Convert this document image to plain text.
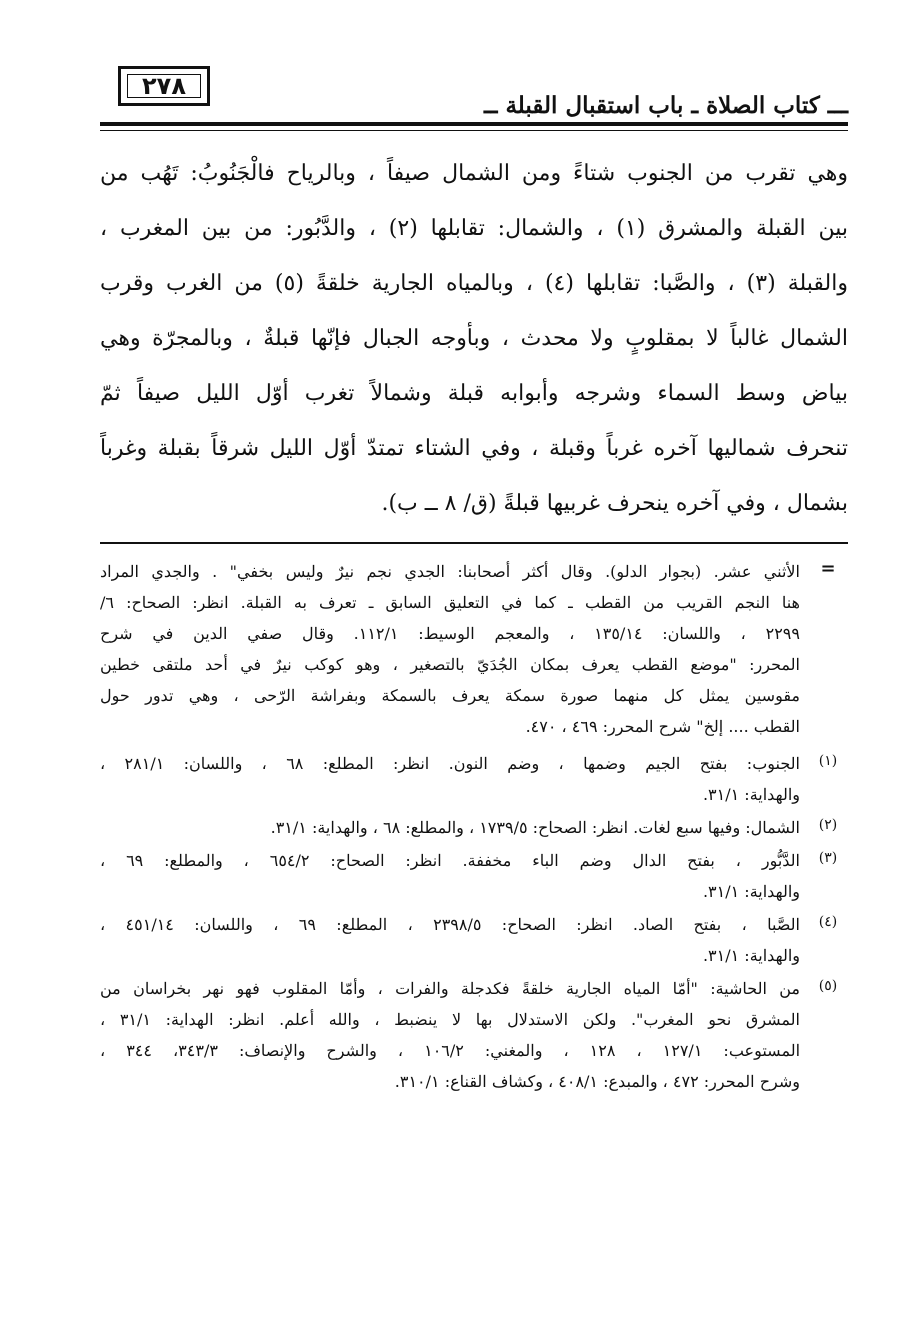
٢٧٨
ـــ كتاب الصلاة ـ باب استقبال القبلة ــ
وهي تقرب من الجنوب شتاءً ومن الشمال صيفاً ، وبالرياح فالْجَنُوبُ: تَهُب من
بين القبلة والمشرق (١) ، والشمال: تقابلها (٢) ، والدَّبُور: من بين المغرب ،
والقبلة (٣) ، والصَّبا: تقابلها (٤) ، وبالمياه الجارية خلقةً (٥) من الغرب وقرب
الشمال غالباً لا بمقلوبٍ ولا محدث ، وبأوجه الجبال فإنّها قبلةٌ ، وبالمجرّة وهي
بياض وسط السماء وشرجه وأبوابه قبلة وشمالاً تغرب أوّل الليل صيفاً ثمّ
تنحرف شماليها آخره غرباً وقبلة ، وفي الشتاء تمتدّ أوّل الليل شرقاً بقبلة وغرباً
بشمال ، وفي آخره ينحرف غربيها قبلةً (ق/ ٨ ــ ب).
=
الأثني عشر. (بجوار الدلو). وقال أكثر أصحابنا: الجدي نجم نيرٌ وليس بخفي" . والجدي المراد
هنا النجم القريب من القطب ـ كما في التعليق السابق ـ تعرف به القبلة. انظر: الصحاح: ٦/
٢٢٩٩ ، واللسان: ١٣٥/١٤ ، والمعجم الوسيط: ١١٢/١. وقال صفي الدين في شرح
المحرر: "موضع القطب يعرف بمكان الجُدَيّ بالتصغير ، وهو كوكب نيرٌ في أحد ملتقى خطين
مقوسين يمثل كل منهما صورة سمكة يعرف بالسمكة وبفراشة الرّحى ، وهي تدور حول
القطب .... إلخ" شرح المحرر: ٤٦٩ ، ٤٧٠.
(١)
الجنوب: بفتح الجيم وضمها ، وضم النون. انظر: المطلع: ٦٨ ، واللسان: ٢٨١/١ ،
والهداية: ٣١/١.
(٢)
الشمال: وفيها سبع لغات. انظر: الصحاح: ١٧٣٩/٥ ، والمطلع: ٦٨ ، والهداية: ٣١/١.
(٣)
الدَّبُّور ، بفتح الدال وضم الباء مخففة. انظر: الصحاح: ٦٥٤/٢ ، والمطلع: ٦٩ ،
والهداية: ٣١/١.
(٤)
الصَّبا ، بفتح الصاد. انظر: الصحاح: ٢٣٩٨/٥ ، المطلع: ٦٩ ، واللسان: ٤٥١/١٤ ،
والهداية: ٣١/١.
(٥)
من الحاشية: "أمّا المياه الجارية خلقةً فكدجلة والفرات ، وأمّا المقلوب فهو نهر بخراسان من
المشرق نحو المغرب". ولكن الاستدلال بها لا ينضبط ، والله أعلم. انظر: الهداية: ٣١/١ ،
المستوعب: ١٢٧/١ ، ١٢٨ ، والمغني: ١٠٦/٢ ، والشرح والإنصاف: ٣٤٣/٣، ٣٤٤ ،
وشرح المحرر: ٤٧٢ ، والمبدع: ٤٠٨/١ ، وكشاف القناع: ٣١٠/١.
